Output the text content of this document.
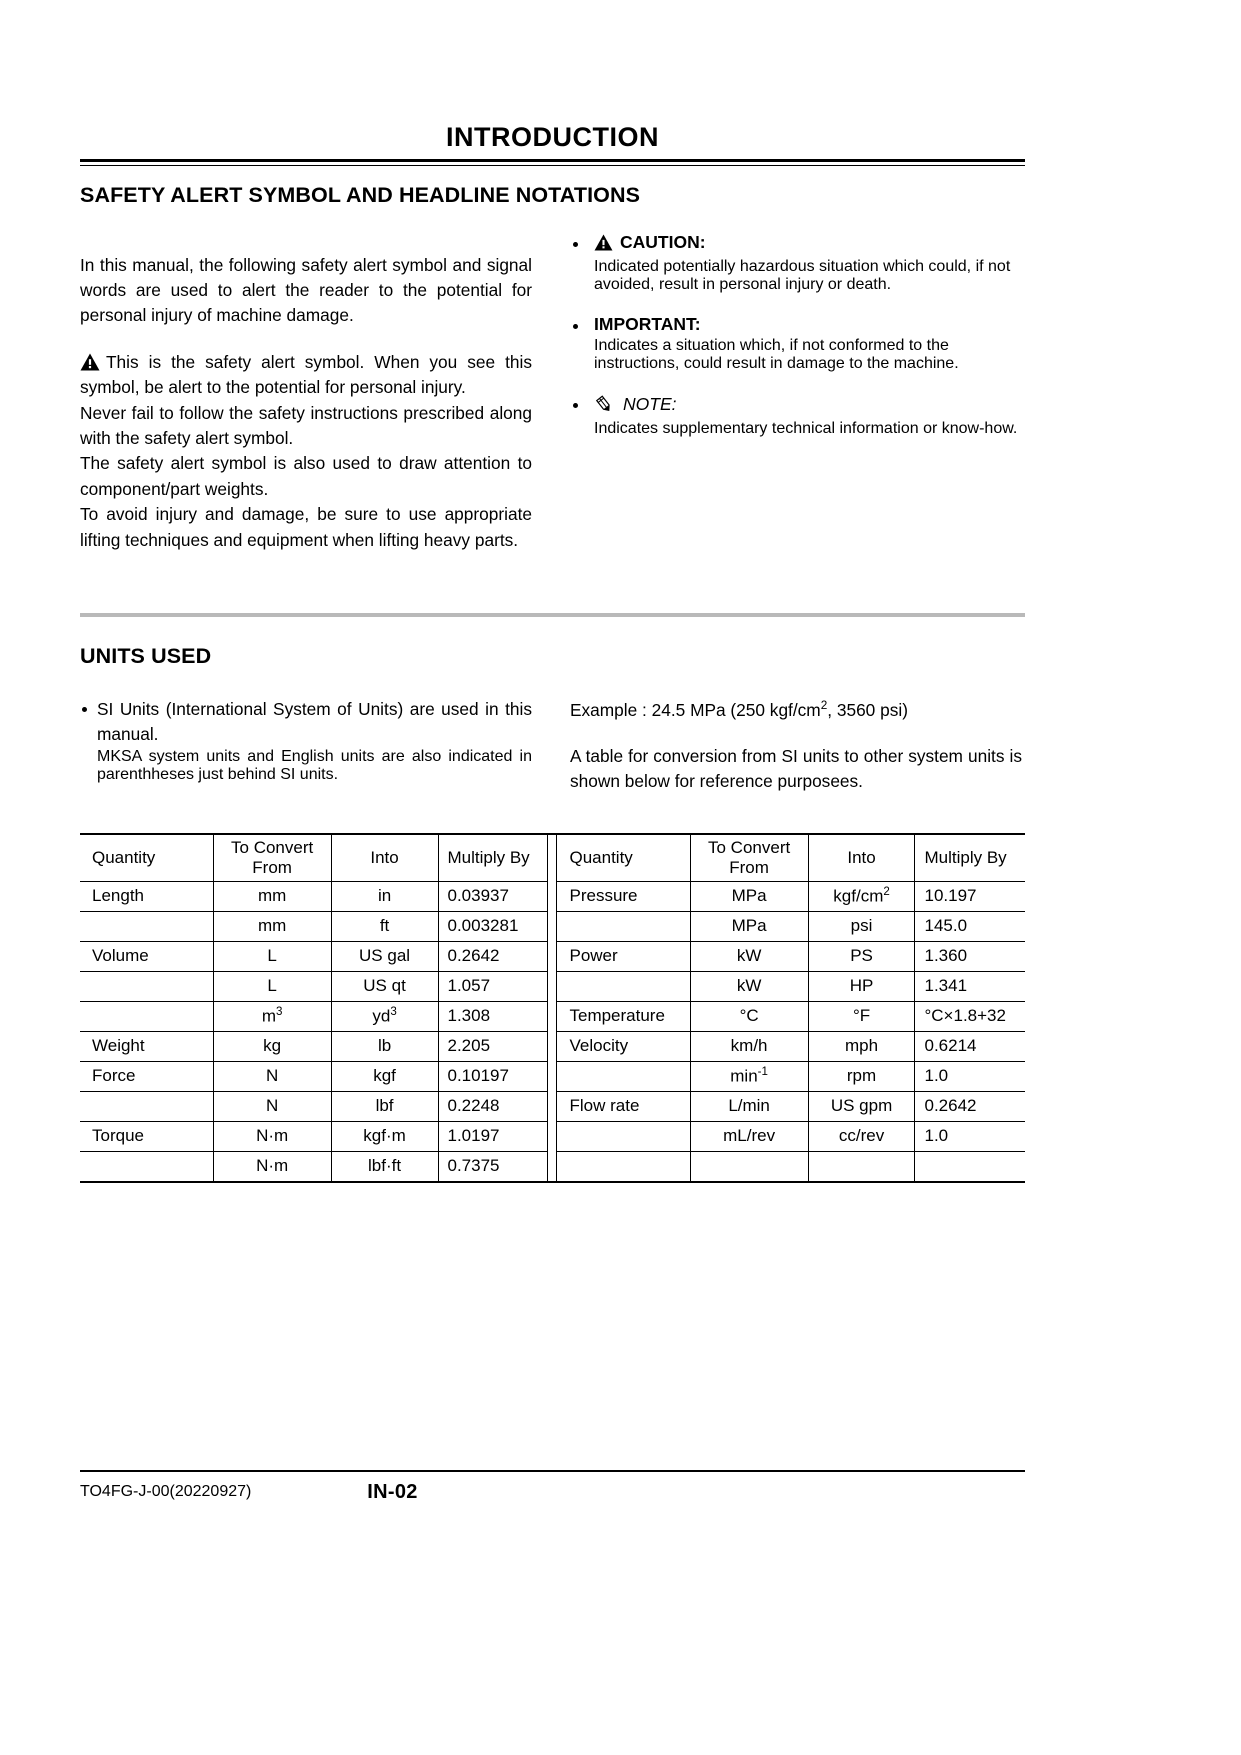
INTRODUCTION
SAFETY ALERT SYMBOL AND HEADLINE NOTATIONS

In this manual, the following safety alert symbol and signal words are used to alert the reader to the potential for personal injury of machine damage.

This is the safety alert symbol. When you see this symbol, be alert to the potential for personal injury.

Never fail to follow the safety instructions prescribed along with the safety alert symbol.

The safety alert symbol is also used to draw attention to component/part weights.

To avoid injury and damage, be sure to use appropriate lifting techniques and equipment when lifting heavy parts.

CAUTION:
Indicated potentially hazardous situation which could, if not avoided, result in personal injury or death.
IMPORTANT:
Indicates a situation which, if not conformed to the instructions, could result in damage to the machine.
NOTE:
Indicates supplementary technical information or know-how.
UNITS USED
SI Units (International System of Units) are used in this manual.
MKSA system units and English units are also indicated in parenthheses just behind SI units.
Example : 24.5 MPa (250 kgf/$cm^2$, 3560 psi)
A table for conversion from SI units to other system units is shown below for reference purposees.
Quantity	To Convert From	Into	Multiply By		Quantity	To Convert From	Into	Multiply By
Length	mm	in	0.03937		Pressure	MPa	kgf/$cm^2$	10.197
	mm	ft	0.003281			MPa	psi	145.0
Volume	L	US gal	0.2642		Power	kW	PS	1.360
	L	US qt	1.057			kW	HP	1.341
	$m^3$	$yd^3$	1.308		Temperature	°C	°F	°C×1.8+32
Weight	kg	lb	2.205		Velocity	km/h	mph	0.6214
Force	N	kgf	0.10197			$\min^{-1}$	rpm	1.0
	N	lbf	0.2248		Flow rate	L/min	US gpm	0.2642
Torque	N·m	kgf·m	1.0197			mL/rev	cc/rev	1.0
	N·m	lbf·ft	0.7375					
TO4FG-J-00(20220927)	IN-02
